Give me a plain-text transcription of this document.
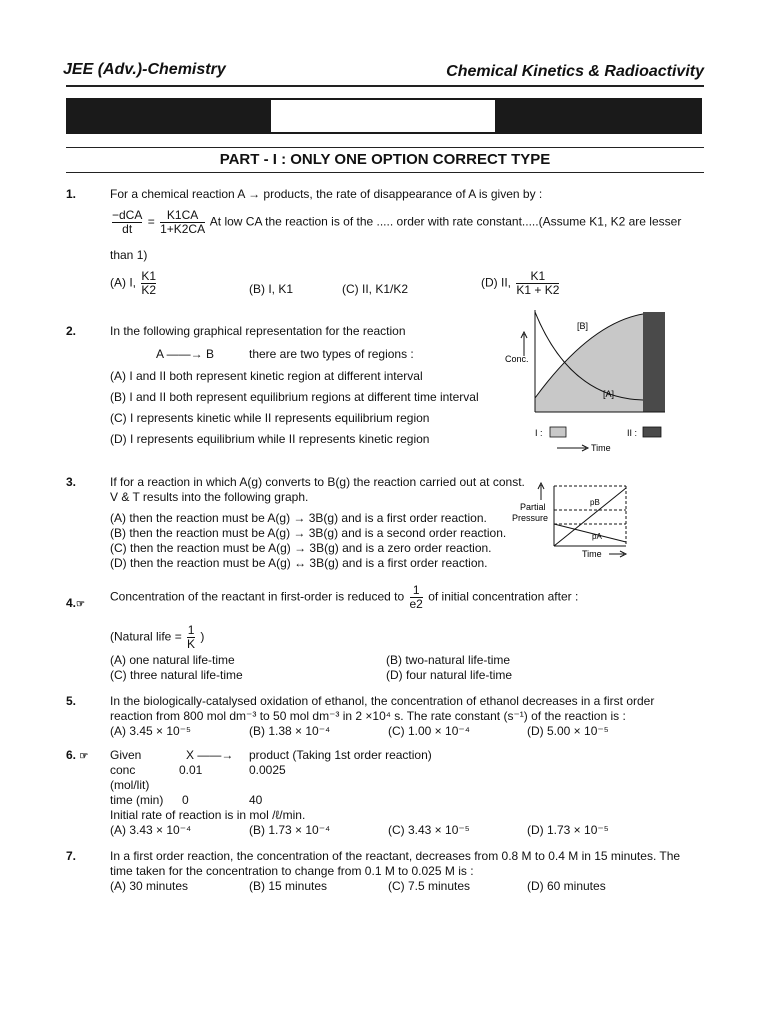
JEE (Adv.)-Chemistry	Chemical Kinetics & Radioactivity
PART - I : ONLY ONE OPTION CORRECT TYPE
1.	For a chemical reaction A → products, the rate of disappearance of A is given by :
$\frac{\text{−dCA}}{dt} = \frac{K1CA}{1+K2CA}$ At low CA the reaction is of the ..... order with rate constant.....(Assume K1, K2 are lesser
than 1)
(A) I, $\frac{K1}{K2}$	(B) I, K1	(C) II, K1/K2	(D) II, $\frac{K1}{K1 + K2}$
2.	In the following graphical representation for the reaction
A ——→ B	there are two types of regions :
(A) I and II both represent kinetic region at different interval
(B) I and II both represent equilibrium regions at different time interval
(C) I represents kinetic while II represents equilibrium region
(D) I represents equilibrium while II represents kinetic region
Conc.
[B]
[A]
I :	II :
Time
3.	If for a reaction in which A(g) converts to B(g) the reaction carried out at const.
V & T results into the following graph.
(A) then the reaction must be A(g) → 3B(g) and is a first order reaction.
(B) then the reaction must be A(g) → 3B(g) and is a second order reaction.
(C) then the reaction must be A(g) → 3B(g) and is a zero order reaction.
(D) then the reaction must be A(g) ↔ 3B(g) and is a first order reaction.
Partial
Pressure
pB
pA
Time
4.☞
Concentration of the reactant in first-order is reduced to $\frac{1}{e2}$ of initial concentration after :
(Natural life = $\frac{1}{K}$ )
(A) one natural life-time	(B) two-natural life-time
(C) three natural life-time	(D) four natural life-time
5.	In the biologically-catalysed oxidation of ethanol, the concentration of ethanol decreases in a first order
reaction from 800 mol dm⁻³ to 50 mol dm⁻³ in 2 ×10⁴ s. The rate constant (s⁻¹) of the reaction is :
(A) 3.45 × 10⁻⁵	(B) 1.38 × 10⁻⁴	(C) 1.00 × 10⁻⁴	(D) 5.00 × 10⁻⁵
6. ☞ Given	X ——→ product (Taking 1st order reaction)
conc	0.01	0.0025
(mol/lit)
time (min) 0	40
Initial rate of reaction is in mol /ℓ/min.
(A) 3.43 × 10⁻⁴	(B) 1.73 × 10⁻⁴	(C) 3.43 × 10⁻⁵	(D) 1.73 × 10⁻⁵
7.	In a first order reaction, the concentration of the reactant, decreases from 0.8 M to 0.4 M in 15 minutes. The
time taken for the concentration to change from 0.1 M to 0.025 M is :
(A) 30 minutes	(B) 15 minutes	(C) 7.5 minutes	(D) 60 minutes
